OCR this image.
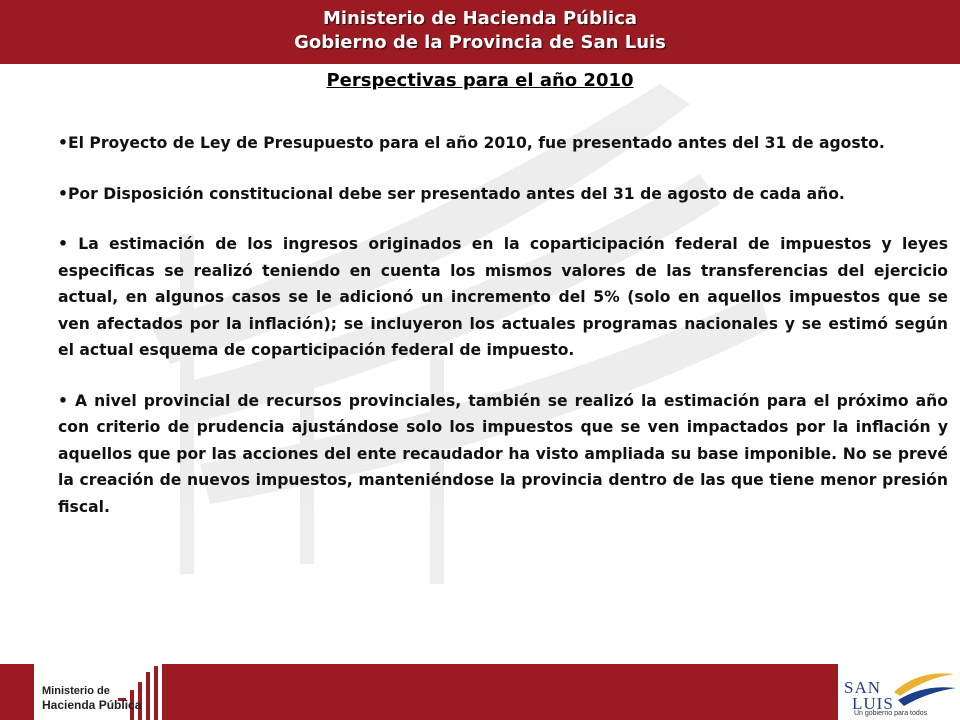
Ministerio de Hacienda Pública
Gobierno de la Provincia de San Luis
Perspectivas para el año 2010

•El Proyecto de Ley de Presupuesto para el año 2010, fue presentado antes del 31 de agosto.

•Por Disposición constitucional debe ser presentado antes del 31 de agosto de cada año.

• La estimación de los ingresos originados en la coparticipación federal de impuestos y leyes especificas se realizó teniendo en cuenta los mismos valores de las transferencias del ejercicio actual, en algunos casos se le adicionó un incremento del 5% (solo en aquellos impuestos que se ven afectados por la inflación); se incluyeron los actuales programas nacionales y se estimó según el actual esquema de coparticipación federal de impuesto.

• A nivel provincial de recursos provinciales, también se realizó la estimación para el próximo año con criterio de prudencia ajustándose solo los impuestos que se ven impactados por la inflación y aquellos que por las acciones del ente recaudador ha visto ampliada su base imponible. No se prevé la creación de nuevos impuestos, manteniéndose la provincia dentro de las que tiene menor presión fiscal.

Ministerio de
Hacienda Pública
SAN
LUIS
Un gobierno para todos
